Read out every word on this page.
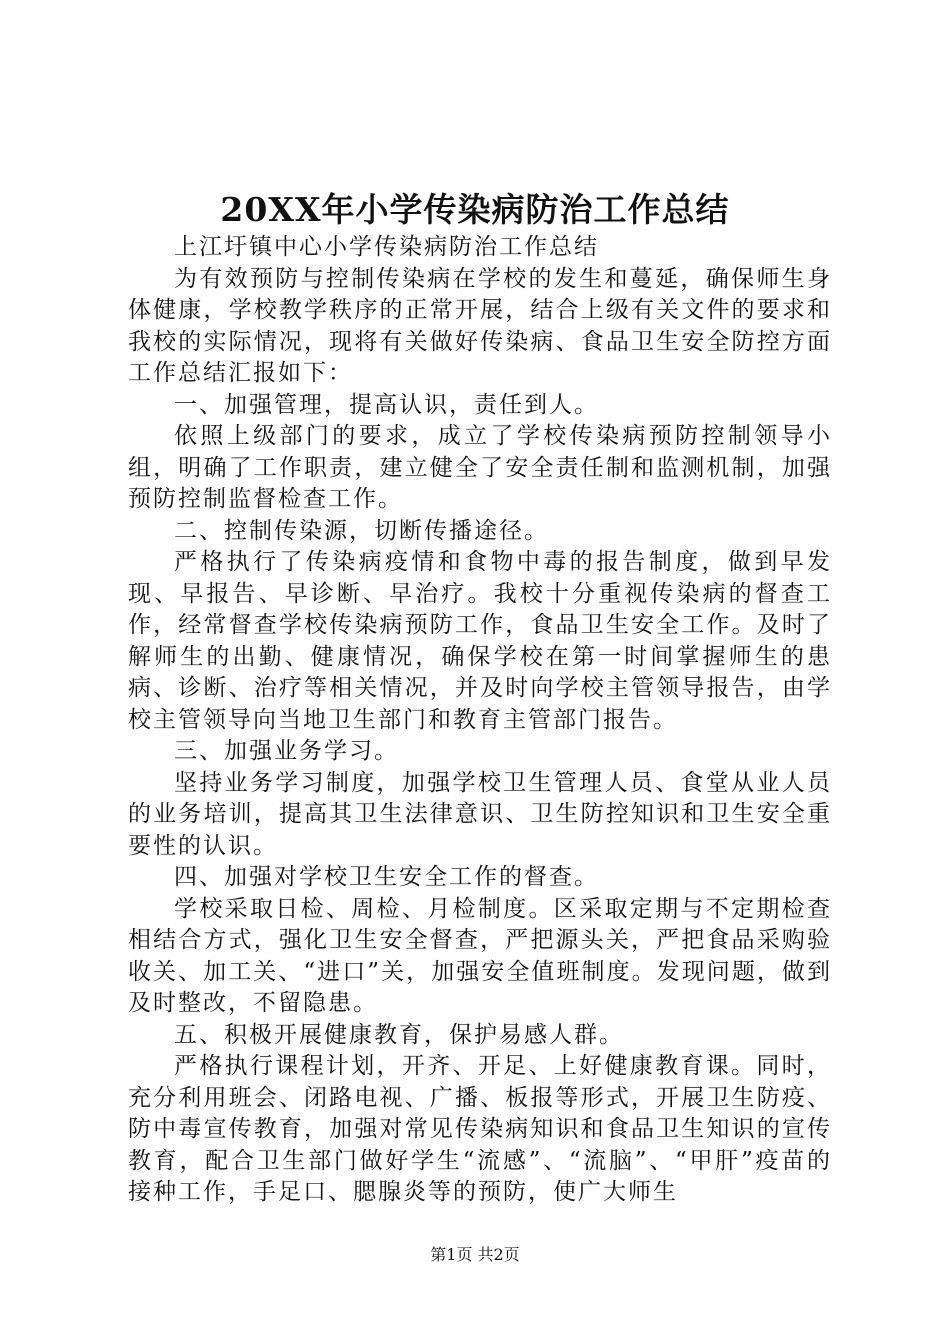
20XX年小学传染病防治工作总结

上江圩镇中心小学传染病防治工作总结

为有效预防与控制传染病在学校的发生和蔓延，确保师生身体健康，学校教学秩序的正常开展，结合上级有关文件的要求和我校的实际情况，现将有关做好传染病、食品卫生安全防控方面工作总结汇报如下：

一、加强管理，提高认识，责任到人。

依照上级部门的要求，成立了学校传染病预防控制领导小组，明确了工作职责，建立健全了安全责任制和监测机制，加强预防控制监督检查工作。

二、控制传染源，切断传播途径。

严格执行了传染病疫情和食物中毒的报告制度，做到早发现、早报告、早诊断、早治疗。我校十分重视传染病的督查工作，经常督查学校传染病预防工作，食品卫生安全工作。及时了解师生的出勤、健康情况，确保学校在第一时间掌握师生的患病、诊断、治疗等相关情况，并及时向学校主管领导报告，由学校主管领导向当地卫生部门和教育主管部门报告。

三、加强业务学习。

坚持业务学习制度，加强学校卫生管理人员、食堂从业人员的业务培训，提高其卫生法律意识、卫生防控知识和卫生安全重要性的认识。

四、加强对学校卫生安全工作的督查。

学校采取日检、周检、月检制度。区采取定期与不定期检查相结合方式，强化卫生安全督查，严把源头关，严把食品采购验收关、加工关、“进口”关，加强安全值班制度。发现问题，做到及时整改，不留隐患。

五、积极开展健康教育，保护易感人群。

严格执行课程计划，开齐、开足、上好健康教育课。同时，充分利用班会、闭路电视、广播、板报等形式，开展卫生防疫、防中毒宣传教育，加强对常见传染病知识和食品卫生知识的宣传教育，配合卫生部门做好学生“流感”、“流脑”、“甲肝”疫苗的接种工作，手足口、腮腺炎等的预防，使广大师生

第1页 共2页
